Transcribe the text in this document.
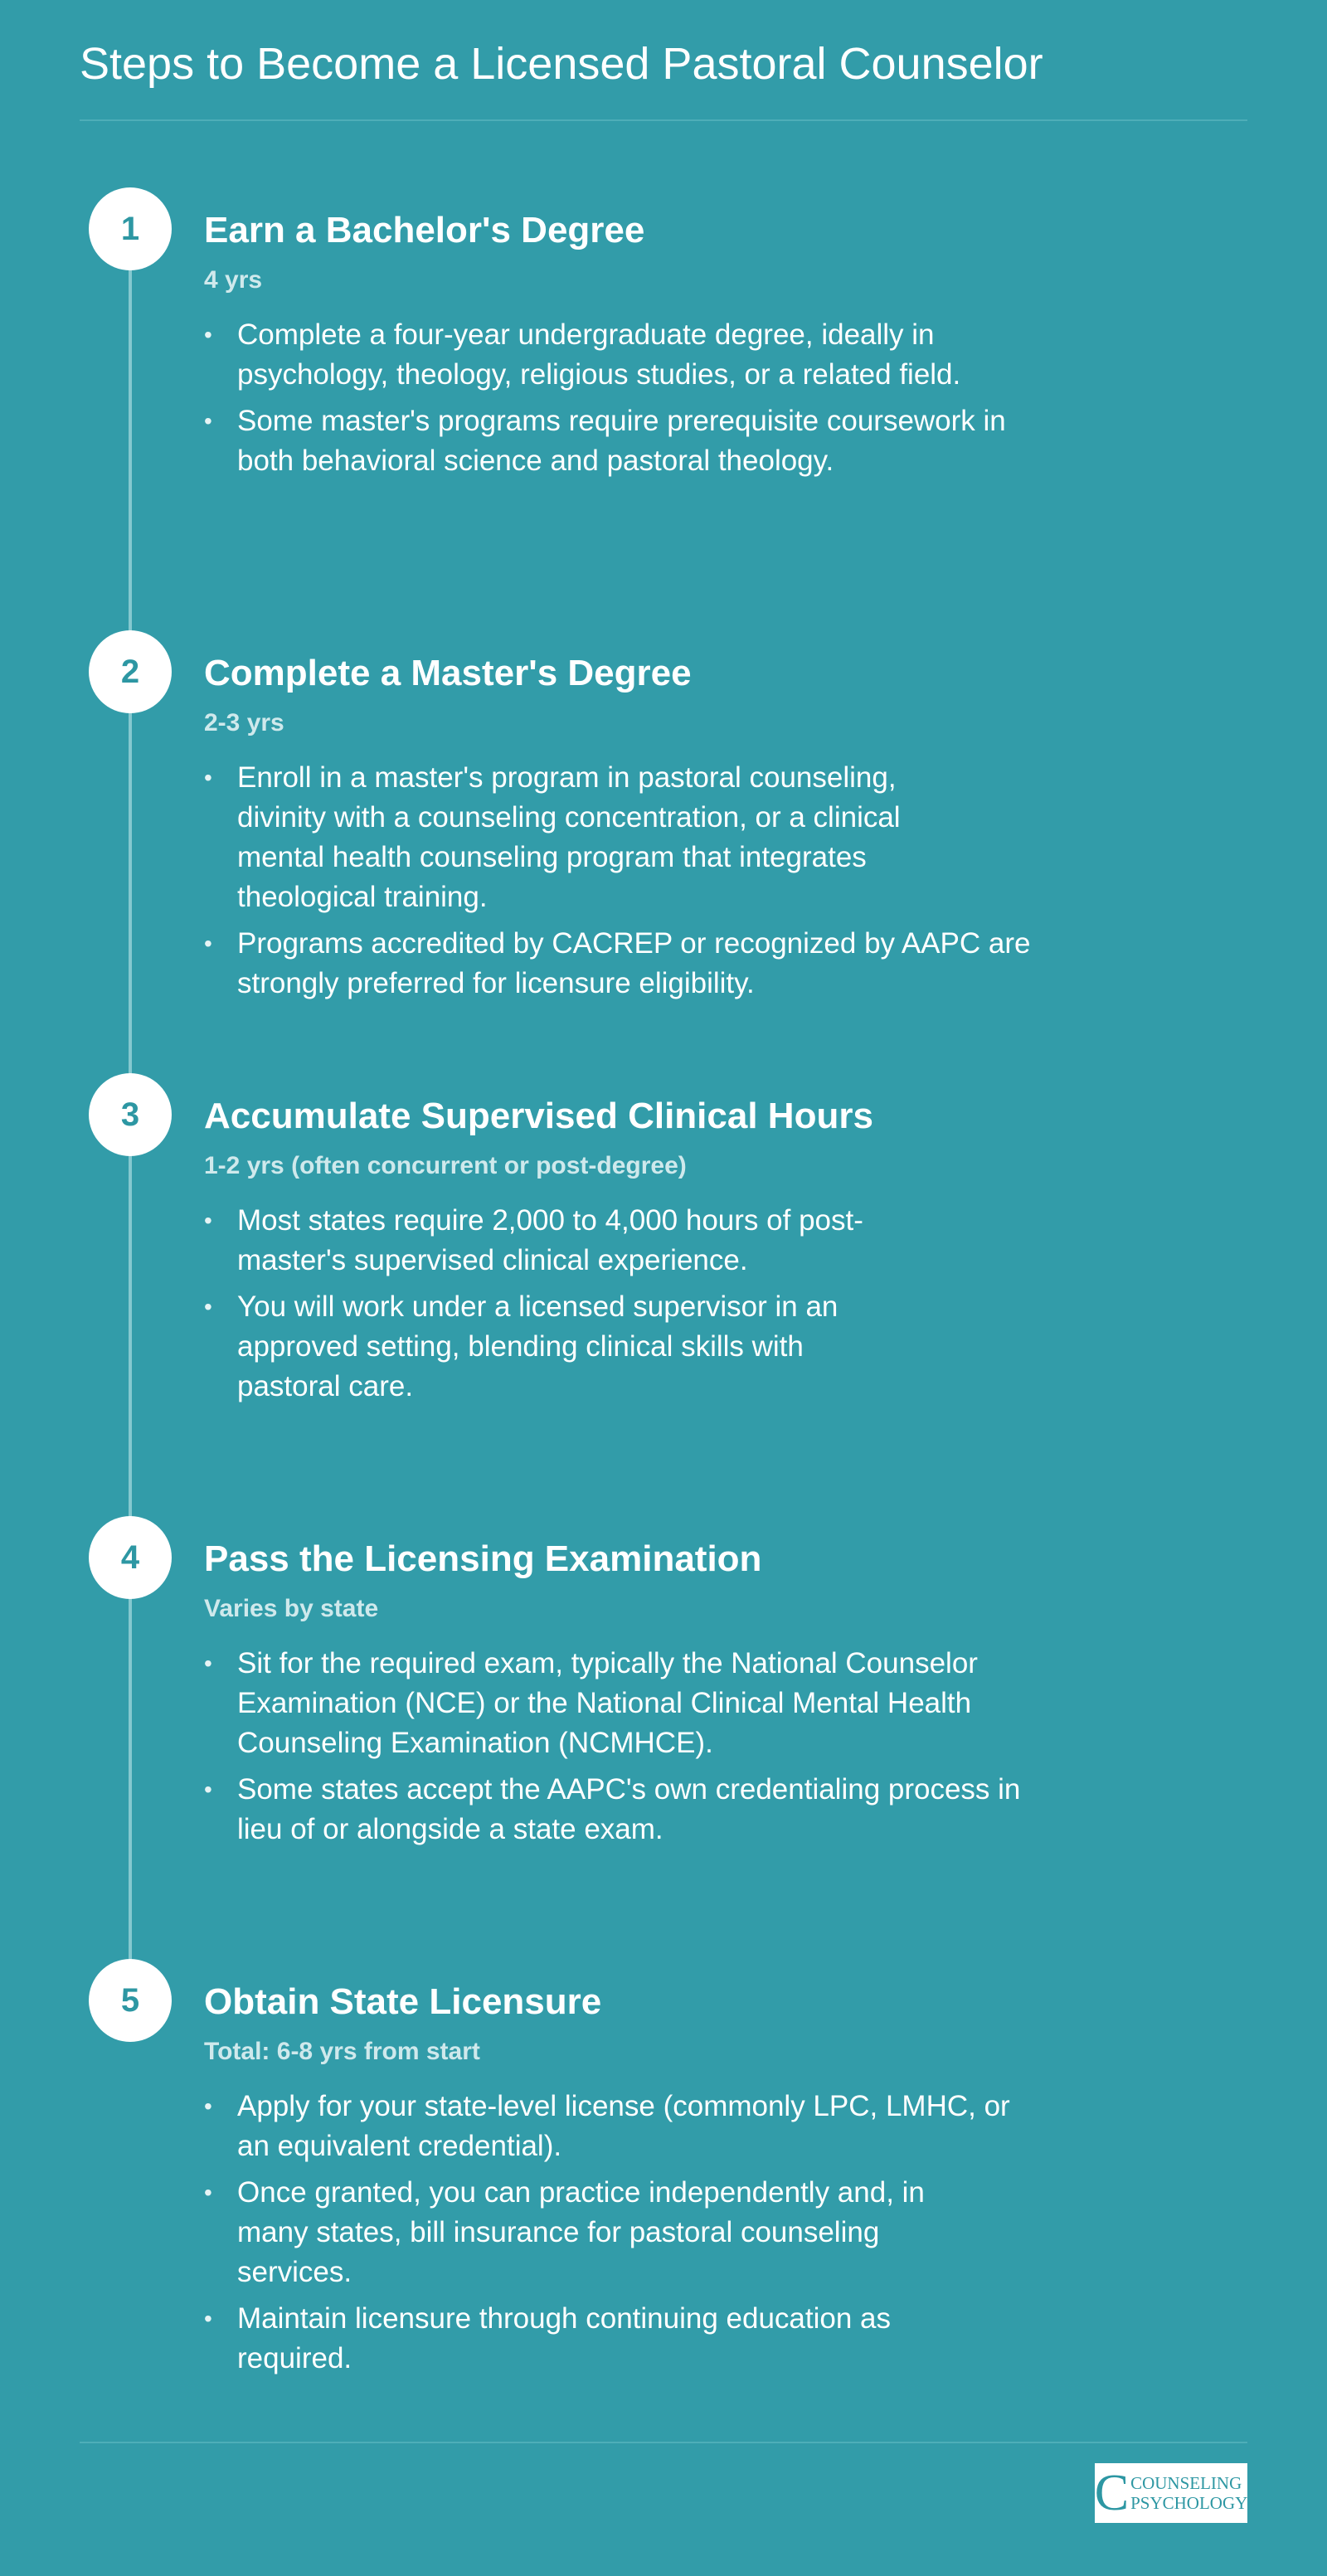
Steps to Become a Licensed Pastoral Counselor
1	Earn a Bachelor's Degree
4 yrs
• Complete a four-year undergraduate degree, ideally in psychology, theology, religious studies, or a related field.
• Some master's programs require prerequisite coursework in both behavioral science and pastoral theology.
2	Complete a Master's Degree
2-3 yrs
• Enroll in a master's program in pastoral counseling, divinity with a counseling concentration, or a clinical mental health counseling program that integrates theological training.
• Programs accredited by CACREP or recognized by AAPC are strongly preferred for licensure eligibility.
3	Accumulate Supervised Clinical Hours
1-2 yrs (often concurrent or post-degree)
• Most states require 2,000 to 4,000 hours of post-master's supervised clinical experience.
• You will work under a licensed supervisor in an approved setting, blending clinical skills with pastoral care.
4	Pass the Licensing Examination
Varies by state
• Sit for the required exam, typically the National Counselor Examination (NCE) or the National Clinical Mental Health Counseling Examination (NCMHCE).
• Some states accept the AAPC's own credentialing process in lieu of or alongside a state exam.
5	Obtain State Licensure
Total: 6-8 yrs from start
• Apply for your state-level license (commonly LPC, LMHC, or an equivalent credential).
• Once granted, you can practice independently and, in many states, bill insurance for pastoral counseling services.
• Maintain licensure through continuing education as required.
C COUNSELING
PSYCHOLOGY
